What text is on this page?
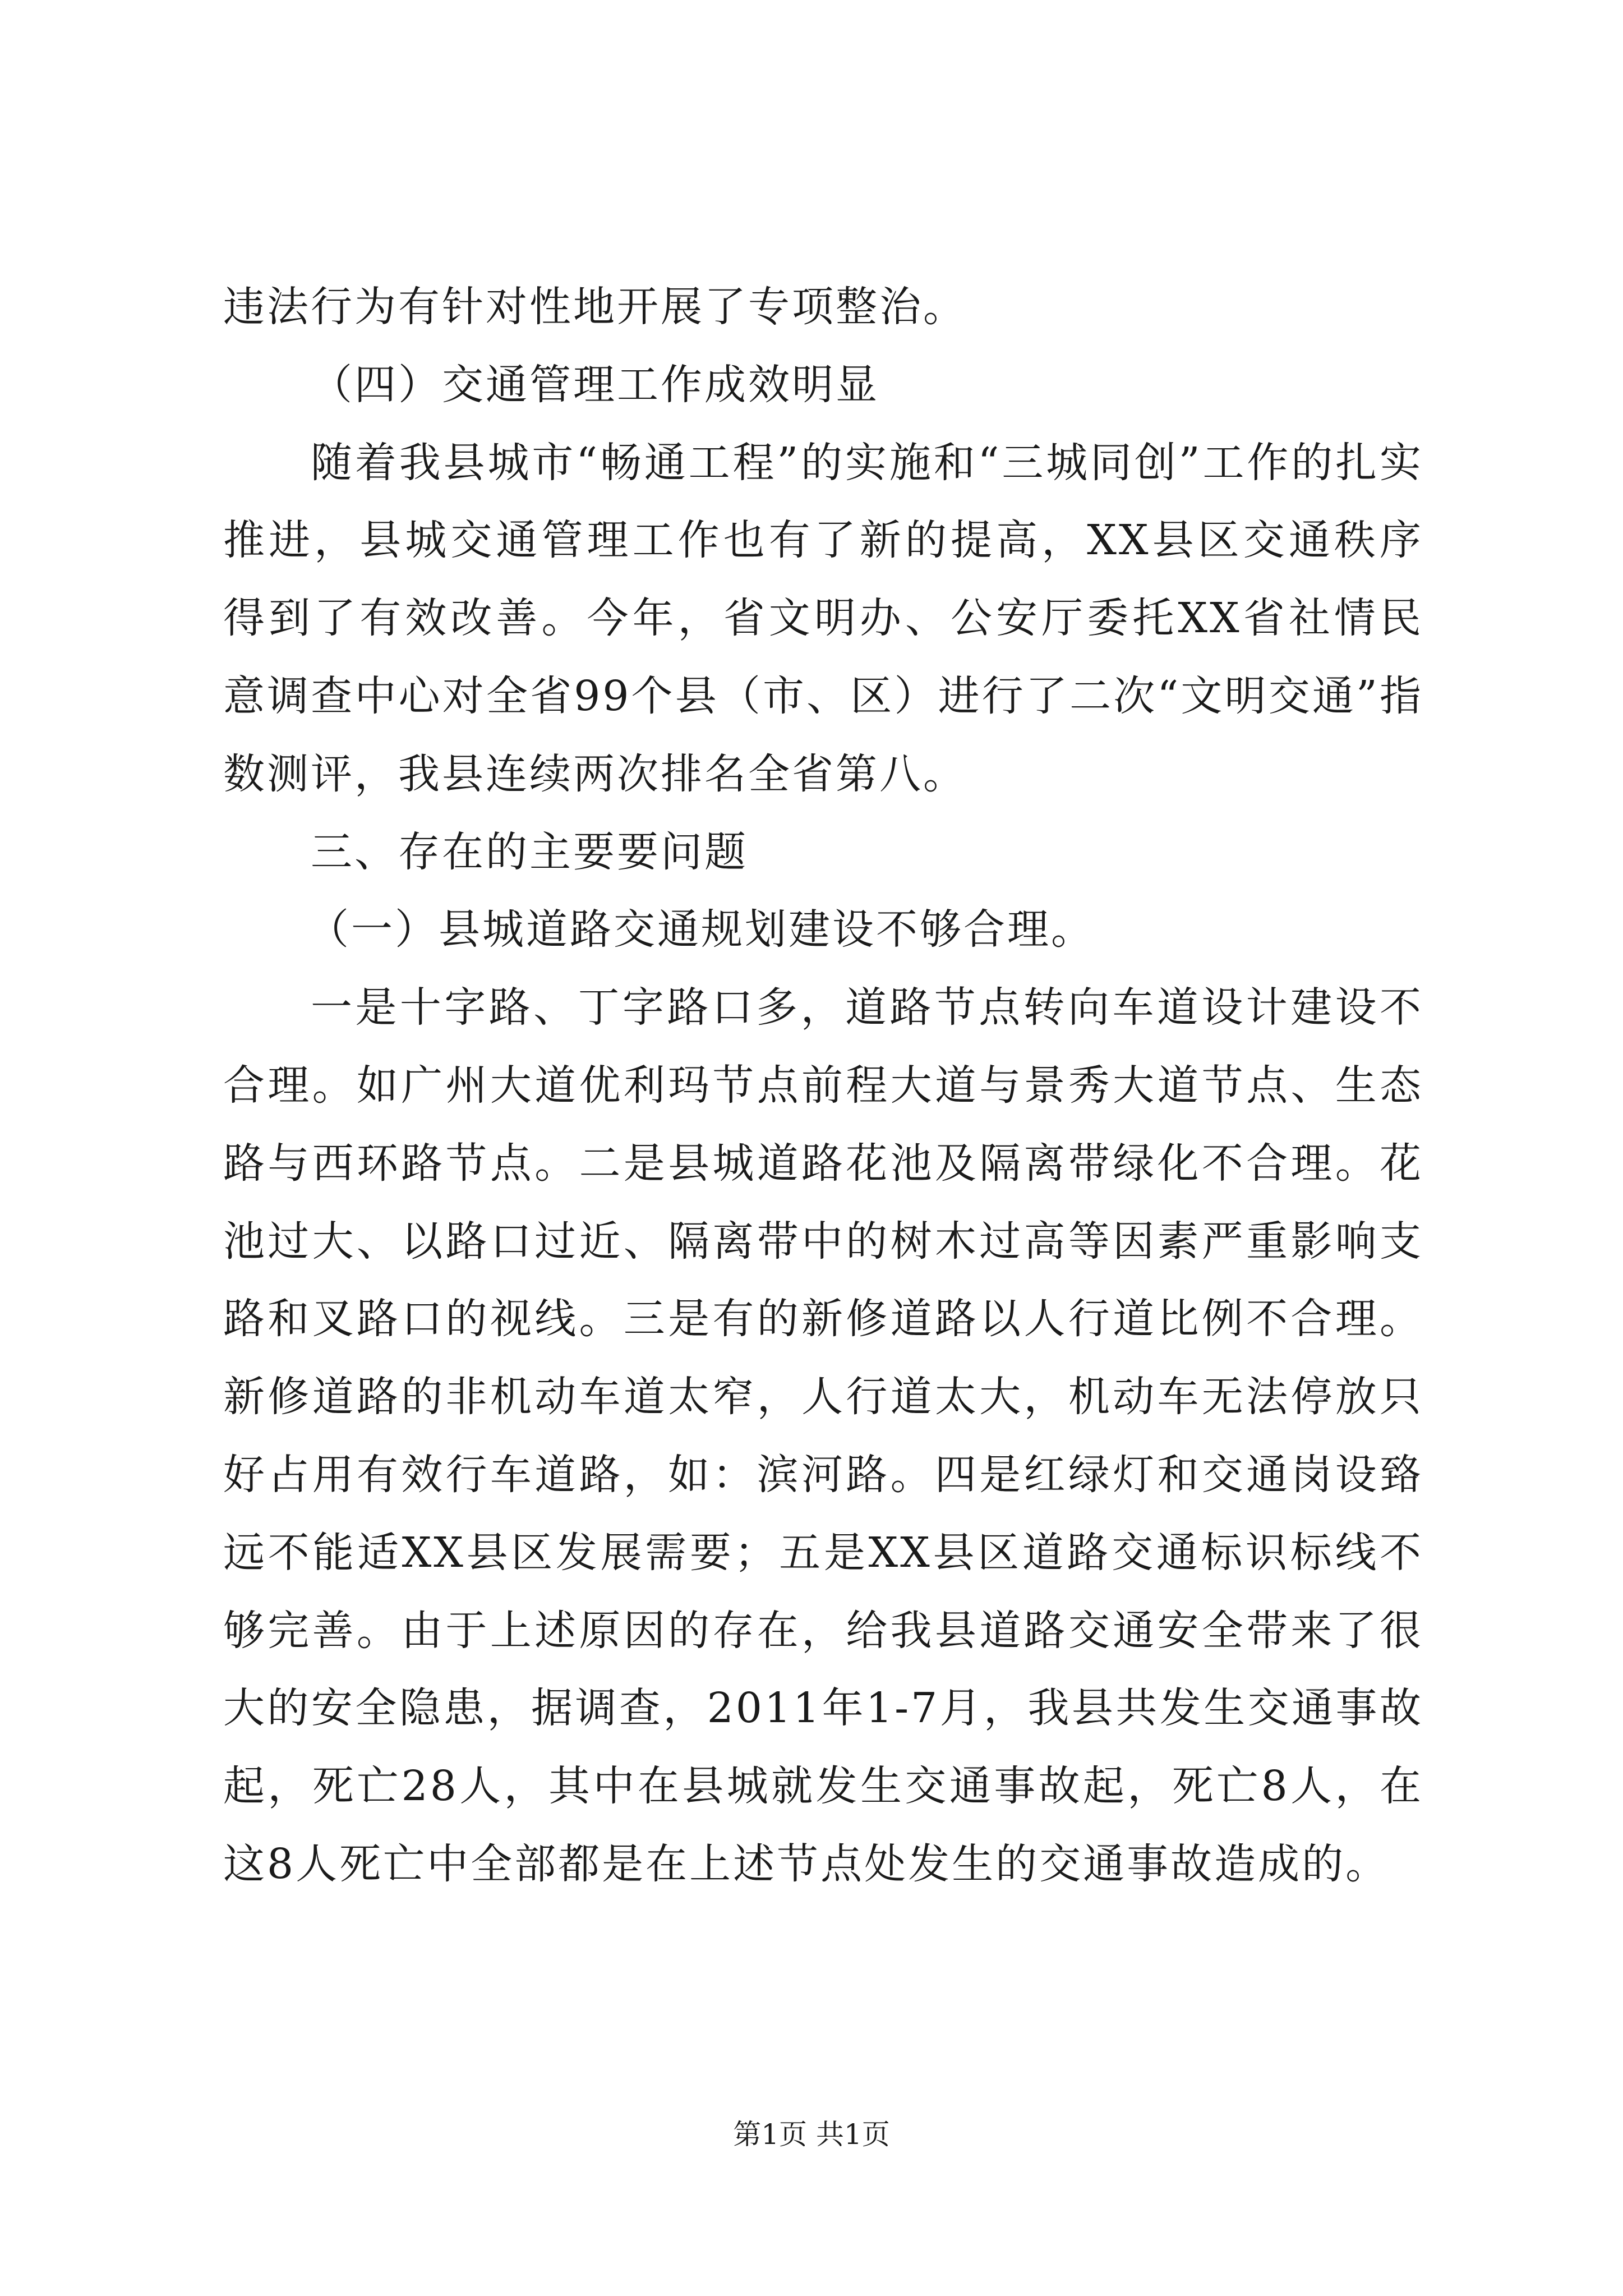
违法行为有针对性地开展了专项整治。

（四）交通管理工作成效明显

随着我县城市“畅通工程”的实施和“三城同创”工作的扎实推进，县城交通管理工作也有了新的提高，XX县区交通秩序得到了有效改善。今年，省文明办、公安厅委托XX省社情民意调查中心对全省99个县（市、区）进行了二次“文明交通”指数测评，我县连续两次排名全省第八。

三、存在的主要要问题

（一）县城道路交通规划建设不够合理。

一是十字路、丁字路口多，道路节点转向车道设计建设不合理。如广州大道优利玛节点前程大道与景秀大道节点、生态路与西环路节点。二是县城道路花池及隔离带绿化不合理。花池过大、以路口过近、隔离带中的树木过高等因素严重影响支路和叉路口的视线。三是有的新修道路以人行道比例不合理。新修道路的非机动车道太窄，人行道太大，机动车无法停放只好占用有效行车道路，如：滨河路。四是红绿灯和交通岗设臵远不能适XX县区发展需要；五是XX县区道路交通标识标线不够完善。由于上述原因的存在，给我县道路交通安全带来了很大的安全隐患，据调查，2011年1-7月，我县共发生交通事故起，死亡28人，其中在县城就发生交通事故起，死亡8人，在这8人死亡中全部都是在上述节点处发生的交通事故造成的。

第1页 共1页
